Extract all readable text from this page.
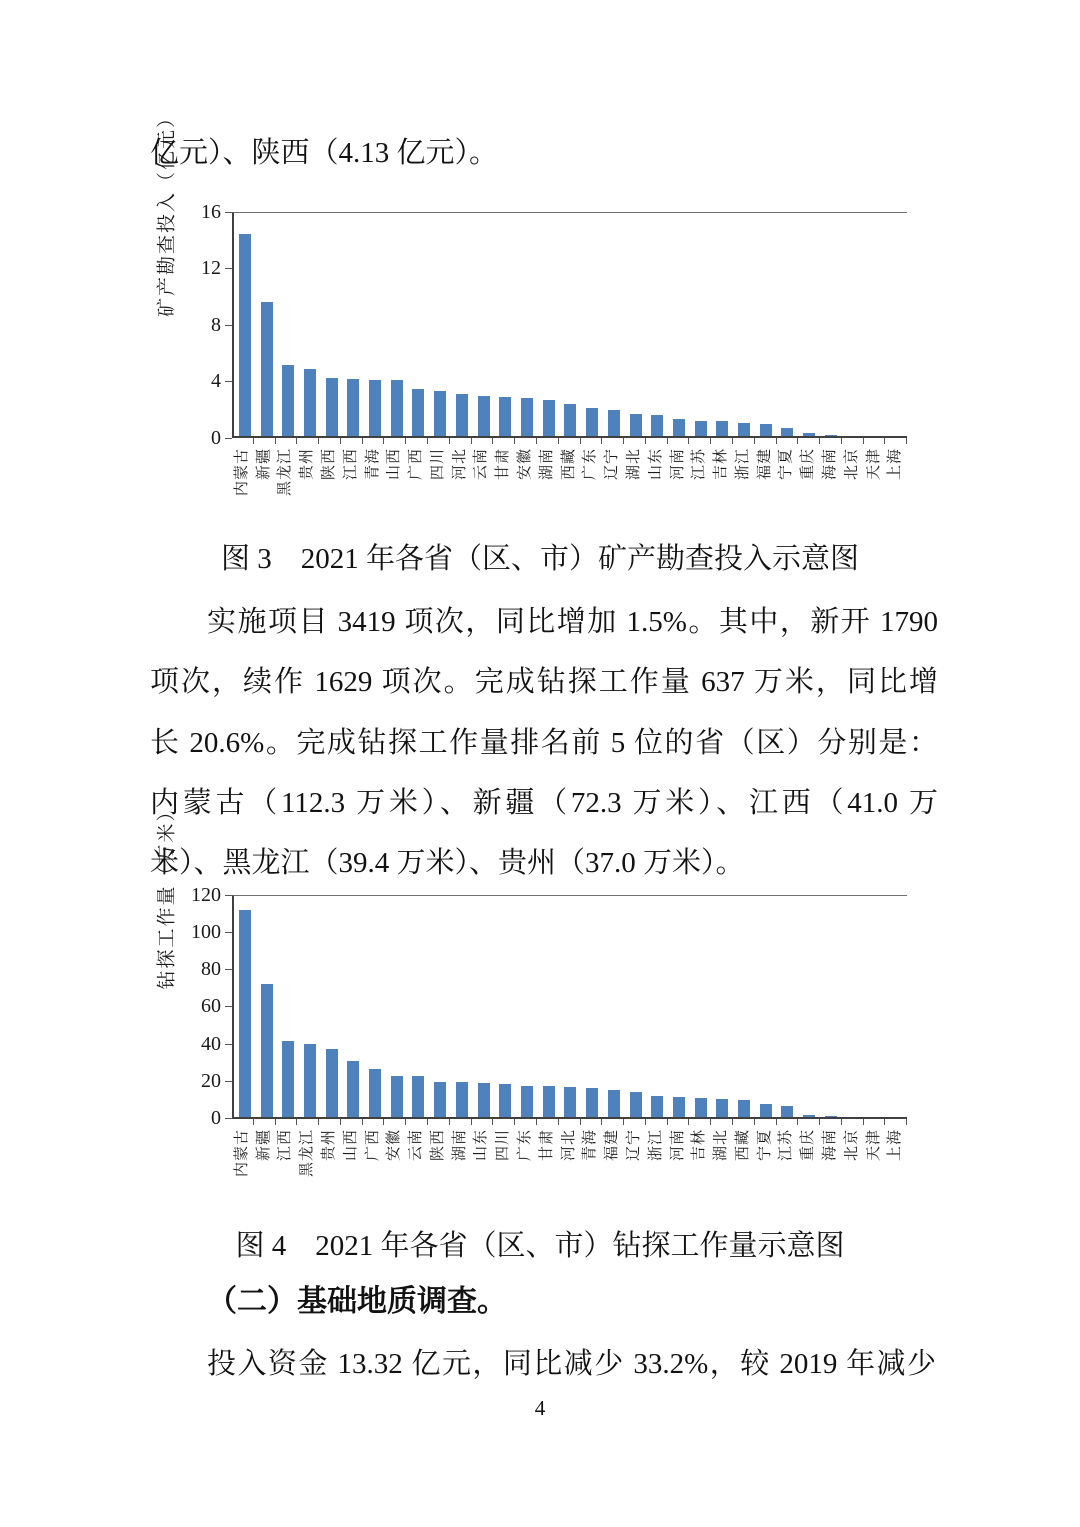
亿元）、陕西（4.13 亿元）。
矿产勘查投入（亿元） 16
12
8
4
0
内蒙古 新疆 黑龙江 贵州 陕西 江西 青海 山西 广西 四川 河北 云南 甘肃 安徽 湖南 西藏 广东 辽宁 湖北 山东 河南 江苏 吉林 浙江 福建 宁夏 重庆 海南 北京 天津 上海
图 3　2021 年各省（区、市）矿产勘查投入示意图
实施项目 3419 项次，同比增加 1.5%。其中，新开 1790
项次，续作 1629 项次。完成钻探工作量 637 万米，同比增
长 20.6%。完成钻探工作量排名前 5 位的省（区）分别是：
内蒙古（112.3 万米）、新疆（72.3 万米）、江西（41.0 万
米）、黑龙江（39.4 万米）、贵州（37.0 万米）。
钻探工作量（万米） 120
100
80
60
40
20
0
内蒙古 新疆 江西 黑龙江 贵州 山西 广西 安徽 云南 陕西 湖南 山东 四川 广东 甘肃 河北 青海 福建 辽宁 浙江 河南 吉林 湖北 西藏 宁夏 江苏 重庆 海南 北京 天津 上海
图 4　2021 年各省（区、市）钻探工作量示意图
（二）基础地质调查。
投入资金 13.32 亿元，同比减少 33.2%，较 2019 年减少
4
